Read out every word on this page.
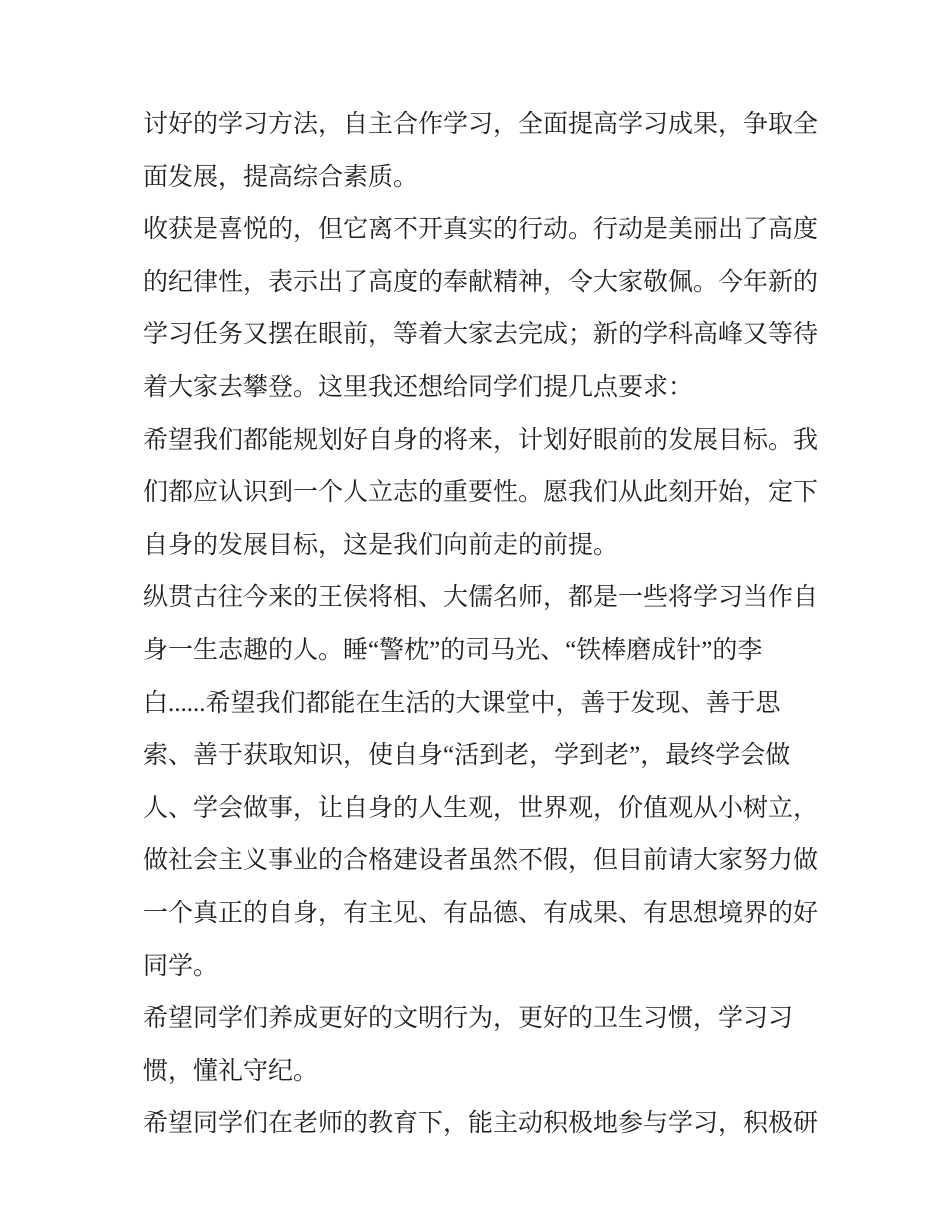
讨好的学习方法，自主合作学习，全面提高学习成果，争取全
面发展，提高综合素质。
收获是喜悦的，但它离不开真实的行动。行动是美丽出了高度
的纪律性，表示出了高度的奉献精神，令大家敬佩。今年新的
学习任务又摆在眼前，等着大家去完成；新的学科高峰又等待
着大家去攀登。这里我还想给同学们提几点要求：
希望我们都能规划好自身的将来，计划好眼前的发展目标。我
们都应认识到一个人立志的重要性。愿我们从此刻开始，定下
自身的发展目标，这是我们向前走的前提。
纵贯古往今来的王侯将相、大儒名师，都是一些将学习当作自
身一生志趣的人。睡“警枕”的司马光、“铁棒磨成针”的李
白......希望我们都能在生活的大课堂中，善于发现、善于思
索、善于获取知识，使自身“活到老，学到老”，最终学会做
人、学会做事，让自身的人生观，世界观，价值观从小树立，
做社会主义事业的合格建设者虽然不假，但目前请大家努力做
一个真正的自身，有主见、有品德、有成果、有思想境界的好
同学。
希望同学们养成更好的文明行为，更好的卫生习惯，学习习
惯，懂礼守纪。
希望同学们在老师的教育下，能主动积极地参与学习，积极研
